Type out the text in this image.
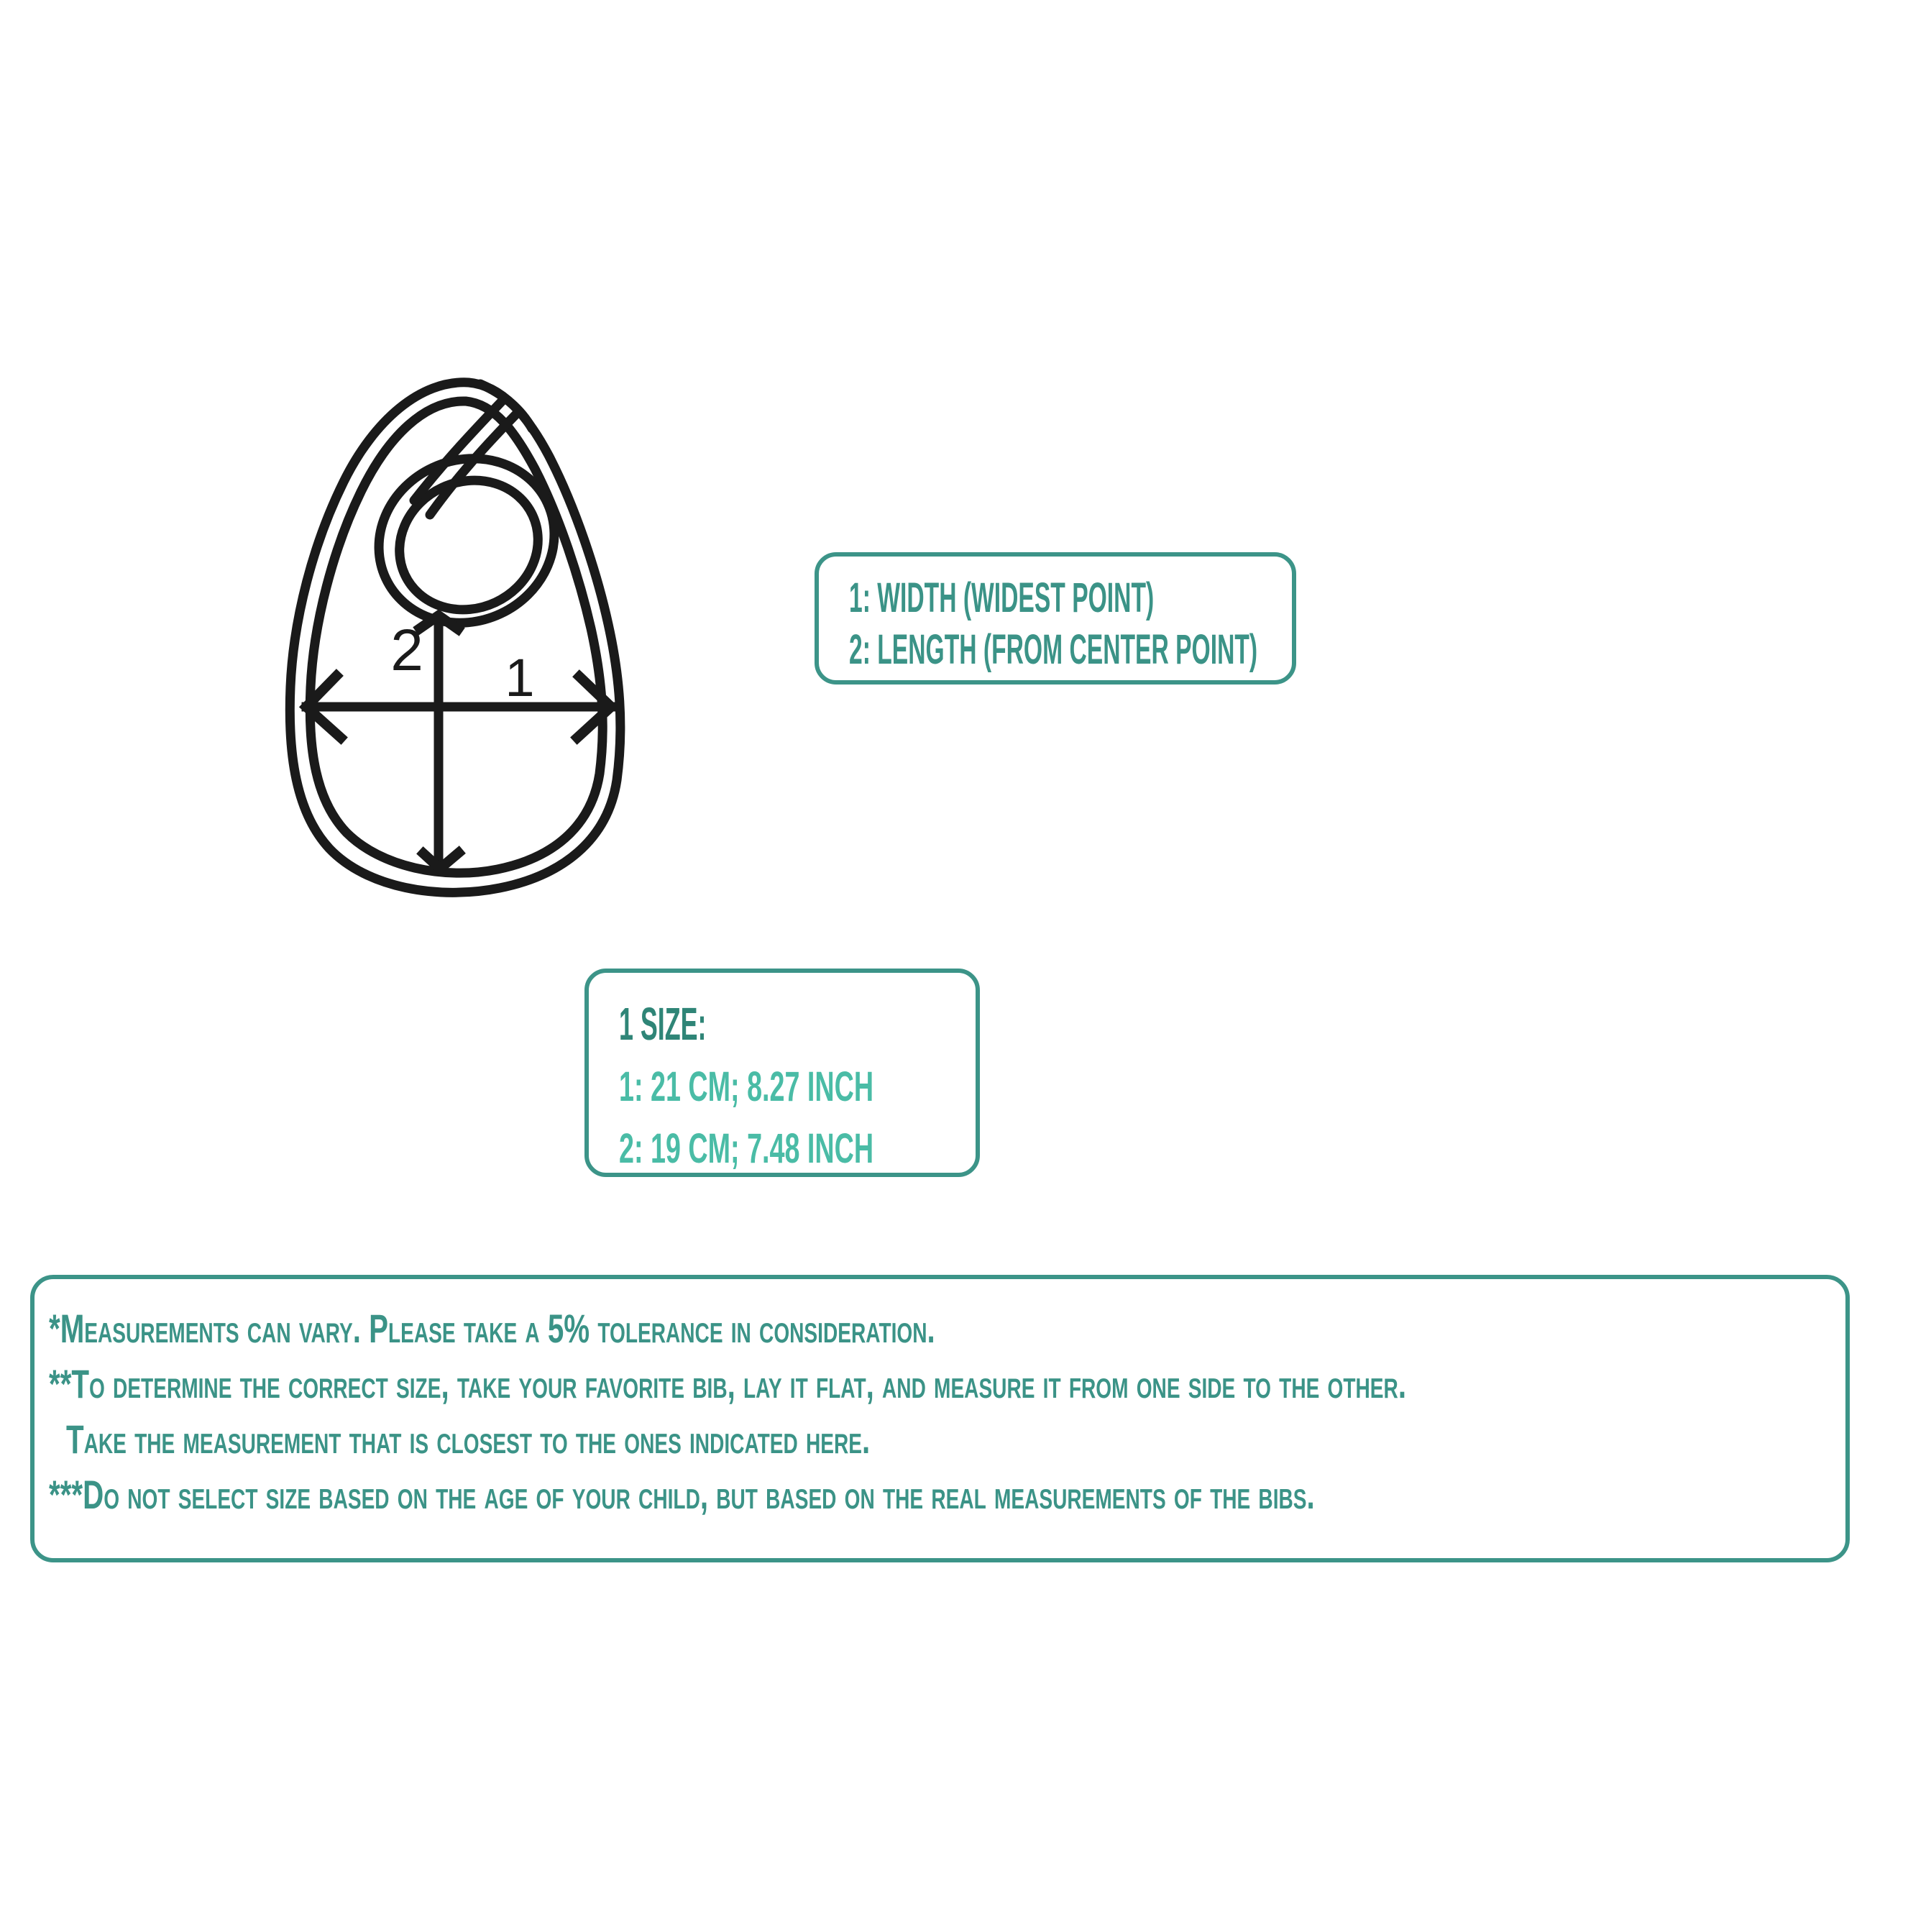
2 1
1: WIDTH (WIDEST POINT)
2: LENGTH (FROM CENTER POINT)
1 SIZE:
1: 21 CM; 8.27 INCH
2: 19 CM; 7.48 INCH
*Measurements can vary. Please take a 5% tolerance in consideration.
**To determine the correct size, take your favorite bib, lay it flat, and measure it from one side to the other.
Take the measurement that is closest to the ones indicated here.
***Do not select size based on the age of your child, but based on the real measurements of the bibs.
